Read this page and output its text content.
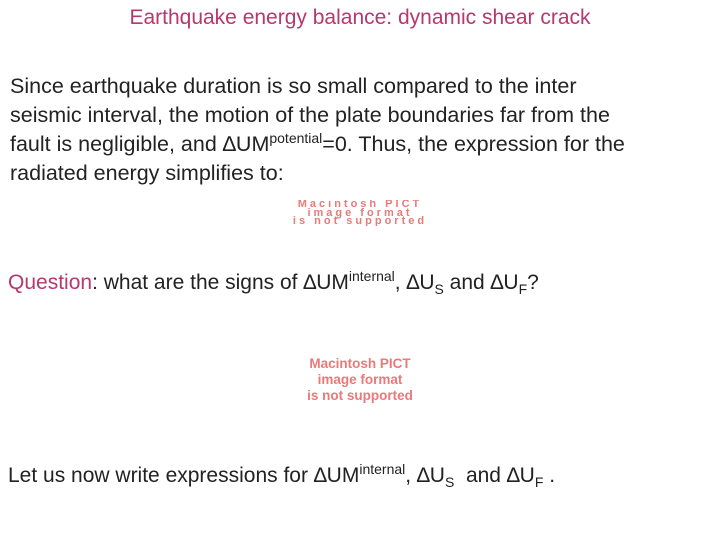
Earthquake energy balance: dynamic shear crack
Since earthquake duration is so small compared to the inter
seismic interval, the motion of the plate boundaries far from the
fault is negligible, and $\Delta UM^{potential}=0$. Thus, the expression for the
radiated energy simplifies to:
Macintosh PICT
image format
is not supported
Question: what are the signs of $\Delta UM^{internal}$, $\Delta U_S$ and $\Delta U_F$?
Macintosh PICT
image format
is not supported
Let us now write expressions for $\Delta UM^{internal}$, $\Delta U_S$  and $\Delta U_F$ .
